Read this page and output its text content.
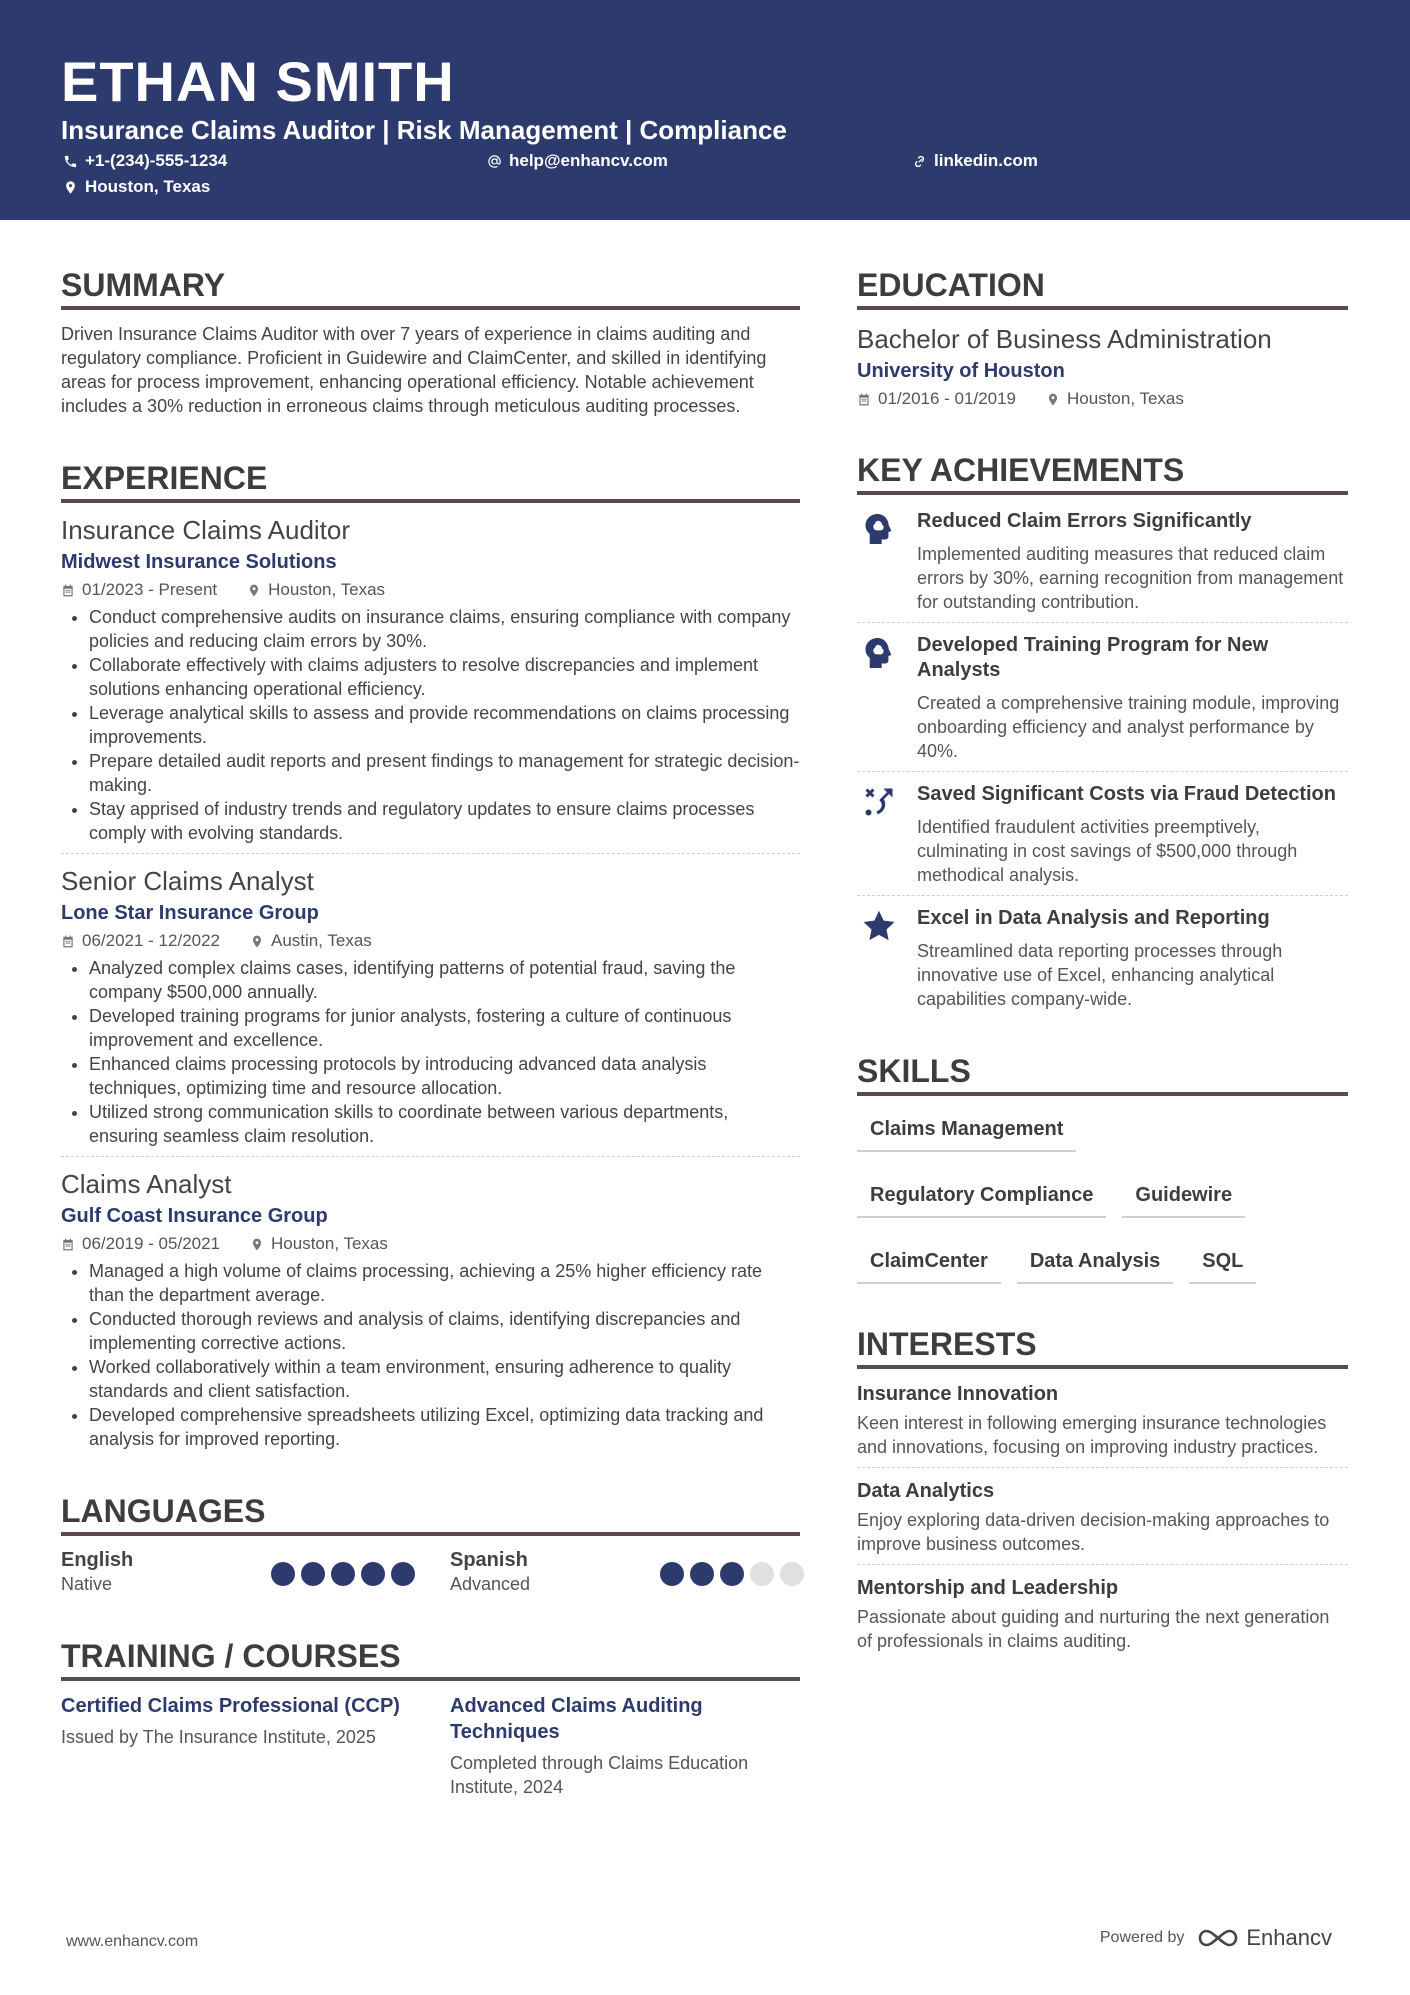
ETHAN SMITH
Insurance Claims Auditor | Risk Management | Compliance
+1-(234)-555-1234	help@enhancv.com	linkedin.com
Houston, Texas
SUMMARY
Driven Insurance Claims Auditor with over 7 years of experience in claims auditing and regulatory compliance. Proficient in Guidewire and ClaimCenter, and skilled in identifying areas for process improvement, enhancing operational efficiency. Notable achievement includes a 30% reduction in erroneous claims through meticulous auditing processes.
EXPERIENCE
Insurance Claims Auditor
Midwest Insurance Solutions
01/2023 - Present	Houston, Texas
• Conduct comprehensive audits on insurance claims, ensuring compliance with company policies and reducing claim errors by 30%.
• Collaborate effectively with claims adjusters to resolve discrepancies and implement solutions enhancing operational efficiency.
• Leverage analytical skills to assess and provide recommendations on claims processing improvements.
• Prepare detailed audit reports and present findings to management for strategic decision-making.
• Stay apprised of industry trends and regulatory updates to ensure claims processes comply with evolving standards.
Senior Claims Analyst
Lone Star Insurance Group
06/2021 - 12/2022	Austin, Texas
• Analyzed complex claims cases, identifying patterns of potential fraud, saving the company $500,000 annually.
• Developed training programs for junior analysts, fostering a culture of continuous improvement and excellence.
• Enhanced claims processing protocols by introducing advanced data analysis techniques, optimizing time and resource allocation.
• Utilized strong communication skills to coordinate between various departments, ensuring seamless claim resolution.
Claims Analyst
Gulf Coast Insurance Group
06/2019 - 05/2021	Houston, Texas
• Managed a high volume of claims processing, achieving a 25% higher efficiency rate than the department average.
• Conducted thorough reviews and analysis of claims, identifying discrepancies and implementing corrective actions.
• Worked collaboratively within a team environment, ensuring adherence to quality standards and client satisfaction.
• Developed comprehensive spreadsheets utilizing Excel, optimizing data tracking and analysis for improved reporting.
LANGUAGES
English
Native
Spanish
Advanced
TRAINING / COURSES
Certified Claims Professional (CCP)
Issued by The Insurance Institute, 2025
Advanced Claims Auditing Techniques
Completed through Claims Education Institute, 2024
EDUCATION
Bachelor of Business Administration
University of Houston
01/2016 - 01/2019	Houston, Texas
KEY ACHIEVEMENTS
Reduced Claim Errors Significantly
Implemented auditing measures that reduced claim errors by 30%, earning recognition from management for outstanding contribution.
Developed Training Program for New Analysts
Created a comprehensive training module, improving onboarding efficiency and analyst performance by 40%.
Saved Significant Costs via Fraud Detection
Identified fraudulent activities preemptively, culminating in cost savings of $500,000 through methodical analysis.
Excel in Data Analysis and Reporting
Streamlined data reporting processes through innovative use of Excel, enhancing analytical capabilities company-wide.
SKILLS
Claims Management
Regulatory Compliance	Guidewire
ClaimCenter	Data Analysis	SQL
INTERESTS
Insurance Innovation
Keen interest in following emerging insurance technologies and innovations, focusing on improving industry practices.
Data Analytics
Enjoy exploring data-driven decision-making approaches to improve business outcomes.
Mentorship and Leadership
Passionate about guiding and nurturing the next generation of professionals in claims auditing.
www.enhancv.com	Powered by	Enhancv
